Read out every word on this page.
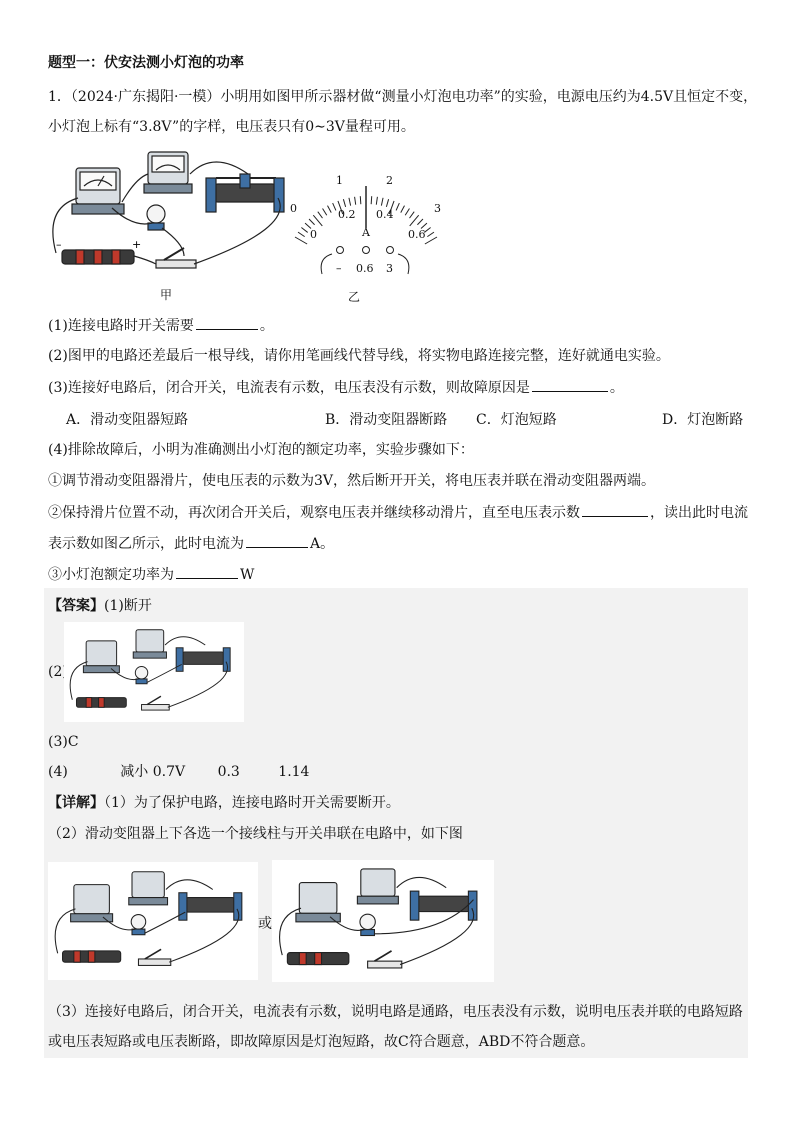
题型一：伏安法测小灯泡的功率
1．（2024·广东揭阳·一模）小明用如图甲所示器材做“测量小灯泡电功率”的实验，电源电压约为4.5V且恒定不变，
小灯泡上标有“3.8V”的字样，电压表只有0∼3V量程可用。
–	+
0
1	2
3
0
0.2 0.4
0.6
A
– 0.6 3
甲	乙
(1)连接电路时开关需要	。
(2)图甲的电路还差最后一根导线，请你用笔画线代替导线，将实物电路连接完整，连好就通电实验。
(3)连接好电路后，闭合开关，电流表有示数，电压表没有示数，则故障原因是	。
A．滑动变阻器短路	B．滑动变阻器断路 C．灯泡短路	D．灯泡断路
(4)排除故障后，小明为准确测出小灯泡的额定功率，实验步骤如下：
①调节滑动变阻器滑片，使电压表的示数为3V，然后断开开关，将电压表并联在滑动变阻器两端。
②保持滑片位置不动，再次闭合开关后，观察电压表并继续移动滑片，直至电压表示数	，读出此时电流
表示数如图乙所示，此时电流为	A。
③小灯泡额定功率为	W
【答案】(1)断开
(2)
(3)C
(4)	减小 0.7V 0.3	1.14
【详解】（1）为了保护电路，连接电路时开关需要断开。
（2）滑动变阻器上下各选一个接线柱与开关串联在电路中，如下图
或
（3）连接好电路后，闭合开关，电流表有示数，说明电路是通路，电压表没有示数，说明电压表并联的电路短路
或电压表短路或电压表断路，即故障原因是灯泡短路，故C符合题意，ABD不符合题意。
